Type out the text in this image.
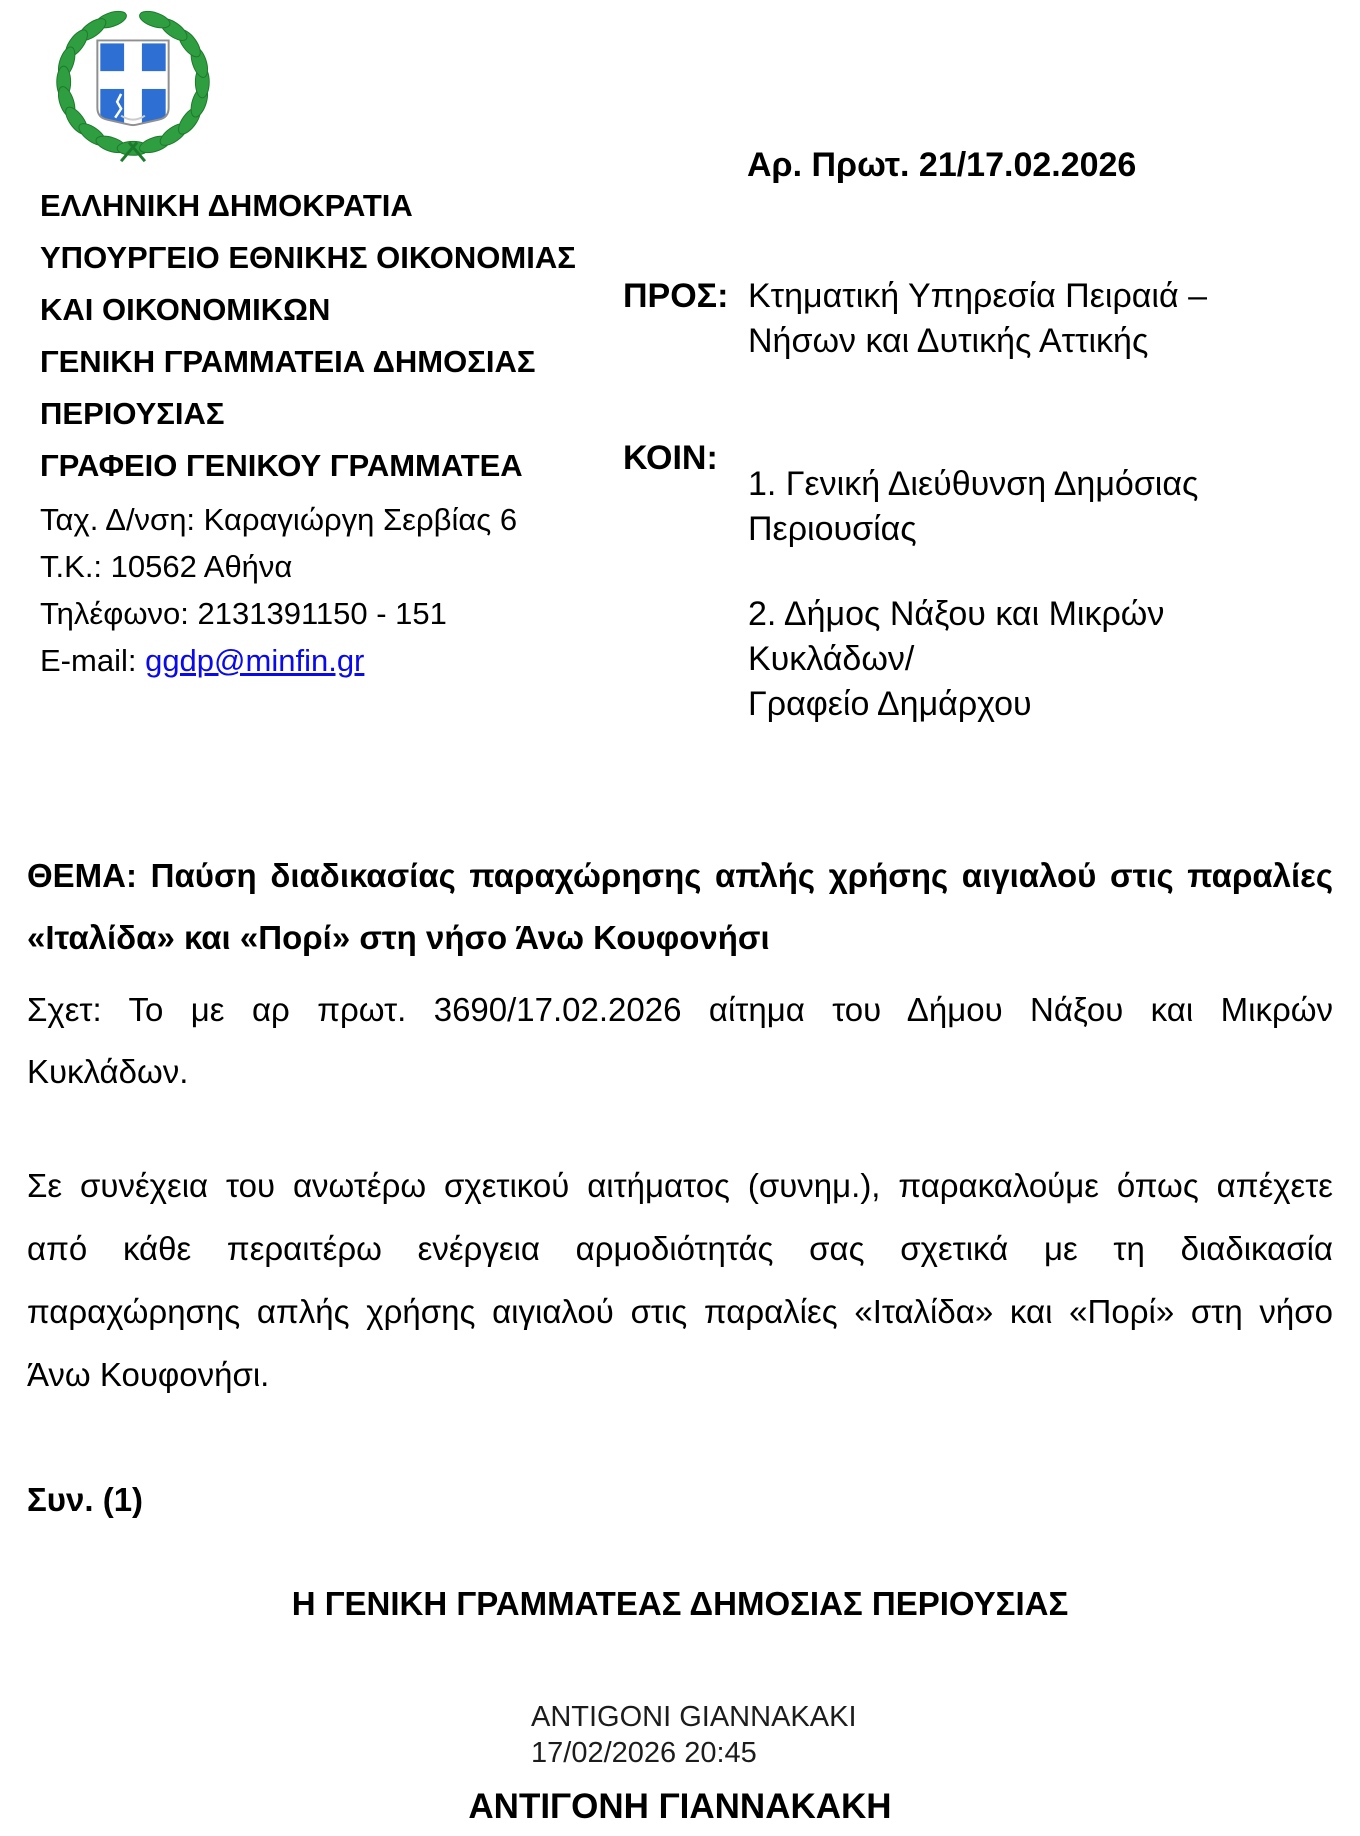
ΕΛΛΗΝΙΚΗ ΔΗΜΟΚΡΑΤΙΑ
ΥΠΟΥΡΓΕΙΟ ΕΘΝΙΚΗΣ ΟΙΚΟΝΟΜΙΑΣ
ΚΑΙ ΟΙΚΟΝΟΜΙΚΩΝ
ΓΕΝΙΚΗ ΓΡΑΜΜΑΤΕΙΑ ΔΗΜΟΣΙΑΣ
ΠΕΡΙΟΥΣΙΑΣ
ΓΡΑΦΕΙΟ ΓΕΝΙΚΟΥ ΓΡΑΜΜΑΤΕΑ
Ταχ. Δ/νση: Καραγιώργη Σερβίας 6
Τ.Κ.: 10562 Αθήνα
Τηλέφωνο: 2131391150 - 151
E-mail: ggdp@minfin.gr
Αρ. Πρωτ. 21/17.02.2026
ΠΡΟΣ: Κτηματική Υπηρεσία Πειραιά –
Νήσων και Δυτικής Αττικής
ΚΟΙΝ:
1. Γενική Διεύθυνση Δημόσιας
Περιουσίας
2. Δήμος Νάξου και Μικρών
Κυκλάδων/
Γραφείο Δημάρχου
ΘΕΜΑ: Παύση διαδικασίας παραχώρησης απλής χρήσης αιγιαλού στις παραλίες
«Ιταλίδα» και «Πορί» στη νήσο Άνω Κουφονήσι
Σχετ: Το με αρ πρωτ. 3690/17.02.2026 αίτημα του Δήμου Νάξου και Μικρών
Κυκλάδων.
Σε συνέχεια του ανωτέρω σχετικού αιτήματος (συνημ.), παρακαλούμε όπως απέχετε
από κάθε περαιτέρω ενέργεια αρμοδιότητάς σας σχετικά με τη διαδικασία
παραχώρησης απλής χρήσης αιγιαλού στις παραλίες «Ιταλίδα» και «Πορί» στη νήσο
Άνω Κουφονήσι.
Συν. (1)
Η ΓΕΝΙΚΗ ΓΡΑΜΜΑΤΕΑΣ ΔΗΜΟΣΙΑΣ ΠΕΡΙΟΥΣΙΑΣ
ANTIGONI GIANNAKAKI
17/02/2026 20:45
ΑΝΤΙΓΟΝΗ ΓΙΑΝΝΑΚΑΚΗ
